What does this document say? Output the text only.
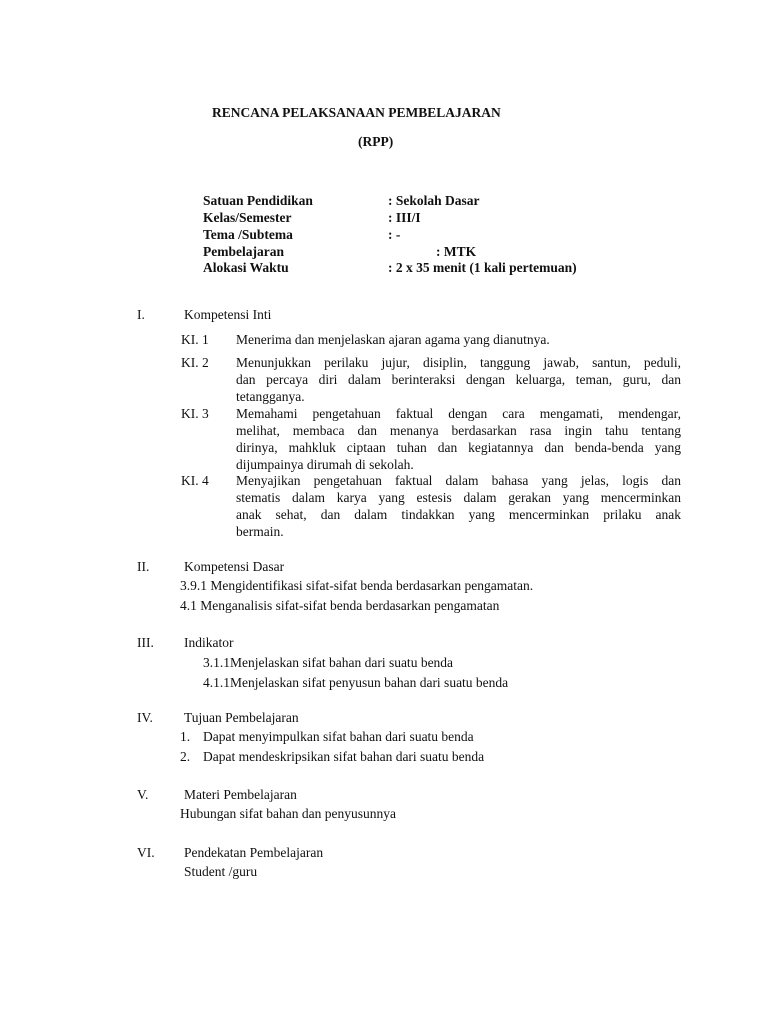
RENCANA PELAKSANAAN PEMBELAJARAN
(RPP)
Satuan Pendidikan	: Sekolah Dasar
Kelas/Semester	: III/I
Tema /Subtema	: -
Pembelajaran	: MTK
Alokasi Waktu	: 2 x 35 menit (1 kali pertemuan)
I.	Kompetensi Inti
KI. 1 Menerima dan menjelaskan ajaran agama yang dianutnya.
KI. 2 Menunjukkan perilaku jujur, disiplin, tanggung jawab, santun, peduli,
dan percaya diri dalam berinteraksi dengan keluarga, teman, guru, dan
tetangganya.
KI. 3 Memahami pengetahuan faktual dengan cara mengamati, mendengar,
melihat, membaca dan menanya berdasarkan rasa ingin tahu tentang
dirinya, mahkluk ciptaan tuhan dan kegiatannya dan benda-benda yang
dijumpainya dirumah di sekolah.
KI. 4 Menyajikan pengetahuan faktual dalam bahasa yang jelas, logis dan
stematis dalam karya yang estesis dalam gerakan yang mencerminkan
anak sehat, dan dalam tindakkan yang mencerminkan prilaku anak
bermain.
II.	Kompetensi Dasar
3.9.1 Mengidentifikasi sifat-sifat benda berdasarkan pengamatan.
4.1 Menganalisis sifat-sifat benda berdasarkan pengamatan
III. Indikator
3.1.1Menjelaskan sifat bahan dari suatu benda
4.1.1Menjelaskan sifat penyusun bahan dari suatu benda
IV. Tujuan Pembelajaran
1. Dapat menyimpulkan sifat bahan dari suatu benda
2. Dapat mendeskripsikan sifat bahan dari suatu benda
V.	Materi Pembelajaran
Hubungan sifat bahan dan penyusunnya
VI. Pendekatan Pembelajaran
Student /guru
